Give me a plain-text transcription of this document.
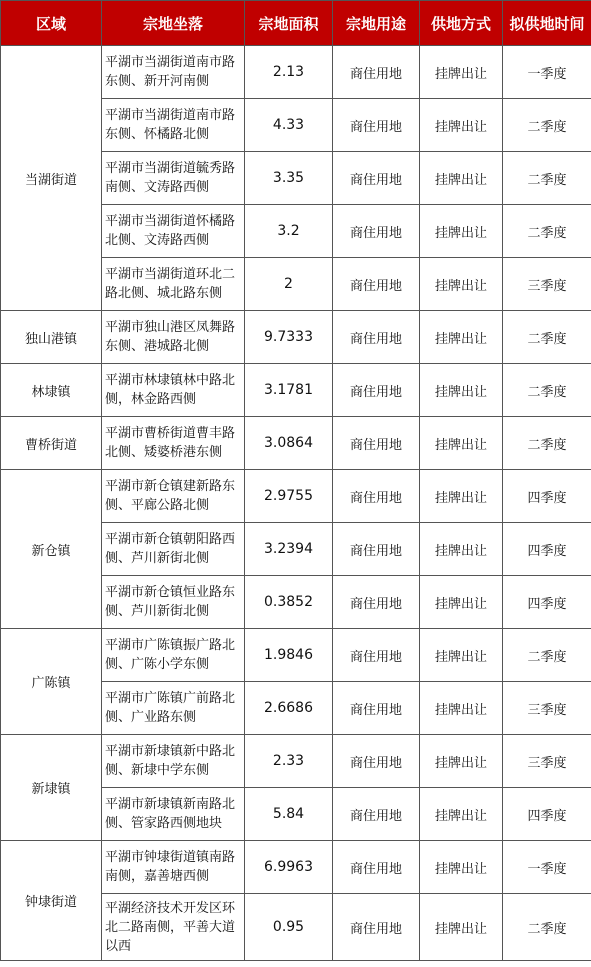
区域	宗地坐落	宗地面积	宗地用途	供地方式	拟供地时间
当湖街道	平湖市当湖街道南市路东侧、新开河南侧	2.13	商住用地	挂牌出让	一季度

	平湖市当湖街道南市路东侧、怀橘路北侧	4.33	商住用地	挂牌出让	二季度

	平湖市当湖街道毓秀路南侧、文涛路西侧	3.35	商住用地	挂牌出让	二季度

	平湖市当湖街道怀橘路北侧、文涛路西侧	3.2	商住用地	挂牌出让	二季度

	平湖市当湖街道环北二路北侧、城北路东侧	2	商住用地	挂牌出让	三季度
独山港镇	平湖市独山港区凤舞路东侧、港城路北侧	9.7333	商住用地	挂牌出让	二季度
林埭镇	平湖市林埭镇林中路北侧，林金路西侧	3.1781	商住用地	挂牌出让	二季度
曹桥街道	平湖市曹桥街道曹丰路北侧、矮婆桥港东侧	3.0864	商住用地	挂牌出让	二季度
新仓镇	平湖市新仓镇建新路东侧、平廊公路北侧	2.9755	商住用地	挂牌出让	四季度

	平湖市新仓镇朝阳路西侧、芦川新街北侧	3.2394	商住用地	挂牌出让	四季度

	平湖市新仓镇恒业路东侧、芦川新街北侧	0.3852	商住用地	挂牌出让	四季度
广陈镇	平湖市广陈镇振广路北侧、广陈小学东侧	1.9846	商住用地	挂牌出让	二季度

	平湖市广陈镇广前路北侧、广业路东侧	2.6686	商住用地	挂牌出让	三季度
新埭镇	平湖市新埭镇新中路北侧、新埭中学东侧	2.33	商住用地	挂牌出让	三季度

	平湖市新埭镇新南路北侧、管家路西侧地块	5.84	商住用地	挂牌出让	四季度
钟埭街道	平湖市钟埭街道镇南路南侧，嘉善塘西侧	6.9963	商住用地	挂牌出让	一季度

	平湖经济技术开发区环北二路南侧，平善大道以西	0.95	商住用地	挂牌出让	二季度
